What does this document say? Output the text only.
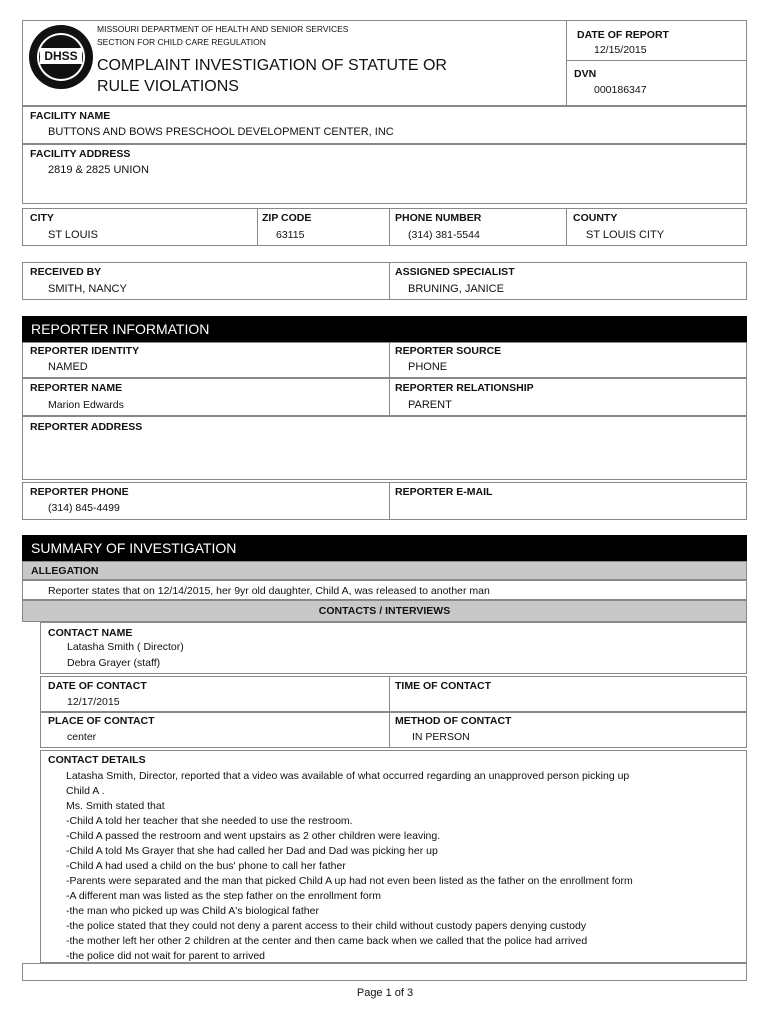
DHSS
MISSOURI DEPARTMENT OF HEALTH AND SENIOR SERVICES
SECTION FOR CHILD CARE REGULATION
COMPLAINT INVESTIGATION OF STATUTE OR
RULE VIOLATIONS
DATE OF REPORT
12/15/2015
DVN
000186347
FACILITY NAME
BUTTONS AND BOWS PRESCHOOL DEVELOPMENT CENTER, INC
FACILITY ADDRESS
2819 & 2825 UNION
CITY
ST LOUIS
ZIP CODE
63115
PHONE NUMBER
(314) 381-5544
COUNTY
ST LOUIS CITY
RECEIVED BY
SMITH, NANCY
ASSIGNED SPECIALIST
BRUNING, JANICE
REPORTER INFORMATION
REPORTER IDENTITY
NAMED
REPORTER SOURCE
PHONE
REPORTER NAME
Marion Edwards
REPORTER RELATIONSHIP
PARENT
REPORTER ADDRESS
REPORTER PHONE
(314) 845-4499
REPORTER E-MAIL
SUMMARY OF INVESTIGATION
ALLEGATION
Reporter states that on 12/14/2015, her 9yr old daughter, Child A, was released to another man
CONTACTS / INTERVIEWS
CONTACT NAME
Latasha Smith ( Director)
Debra Grayer (staff)
DATE OF CONTACT
12/17/2015
TIME OF CONTACT
PLACE OF CONTACT
center
METHOD OF CONTACT
IN PERSON
CONTACT DETAILS
Latasha Smith, Director, reported that a video was available of what occurred regarding an unapproved person picking up
Child A .
Ms. Smith stated that
-Child A told her teacher that she needed to use the restroom.
-Child A passed the restroom and went upstairs as 2 other children were leaving.
-Child A told Ms Grayer that she had called her Dad and Dad was picking her up
-Child A had used a child on the bus' phone to call her father
-Parents were separated and the man that picked Child A up had not even been listed as the father on the enrollment form
-A different man was listed as the step father on the enrollment form
-the man who picked up was Child A's biological father
-the police stated that they could not deny a parent access to their child without custody papers denying custody
-the mother left her other 2 children at the center and then came back when we called that the police had arrived
-the police did not wait for parent to arrived
Page 1 of 3
